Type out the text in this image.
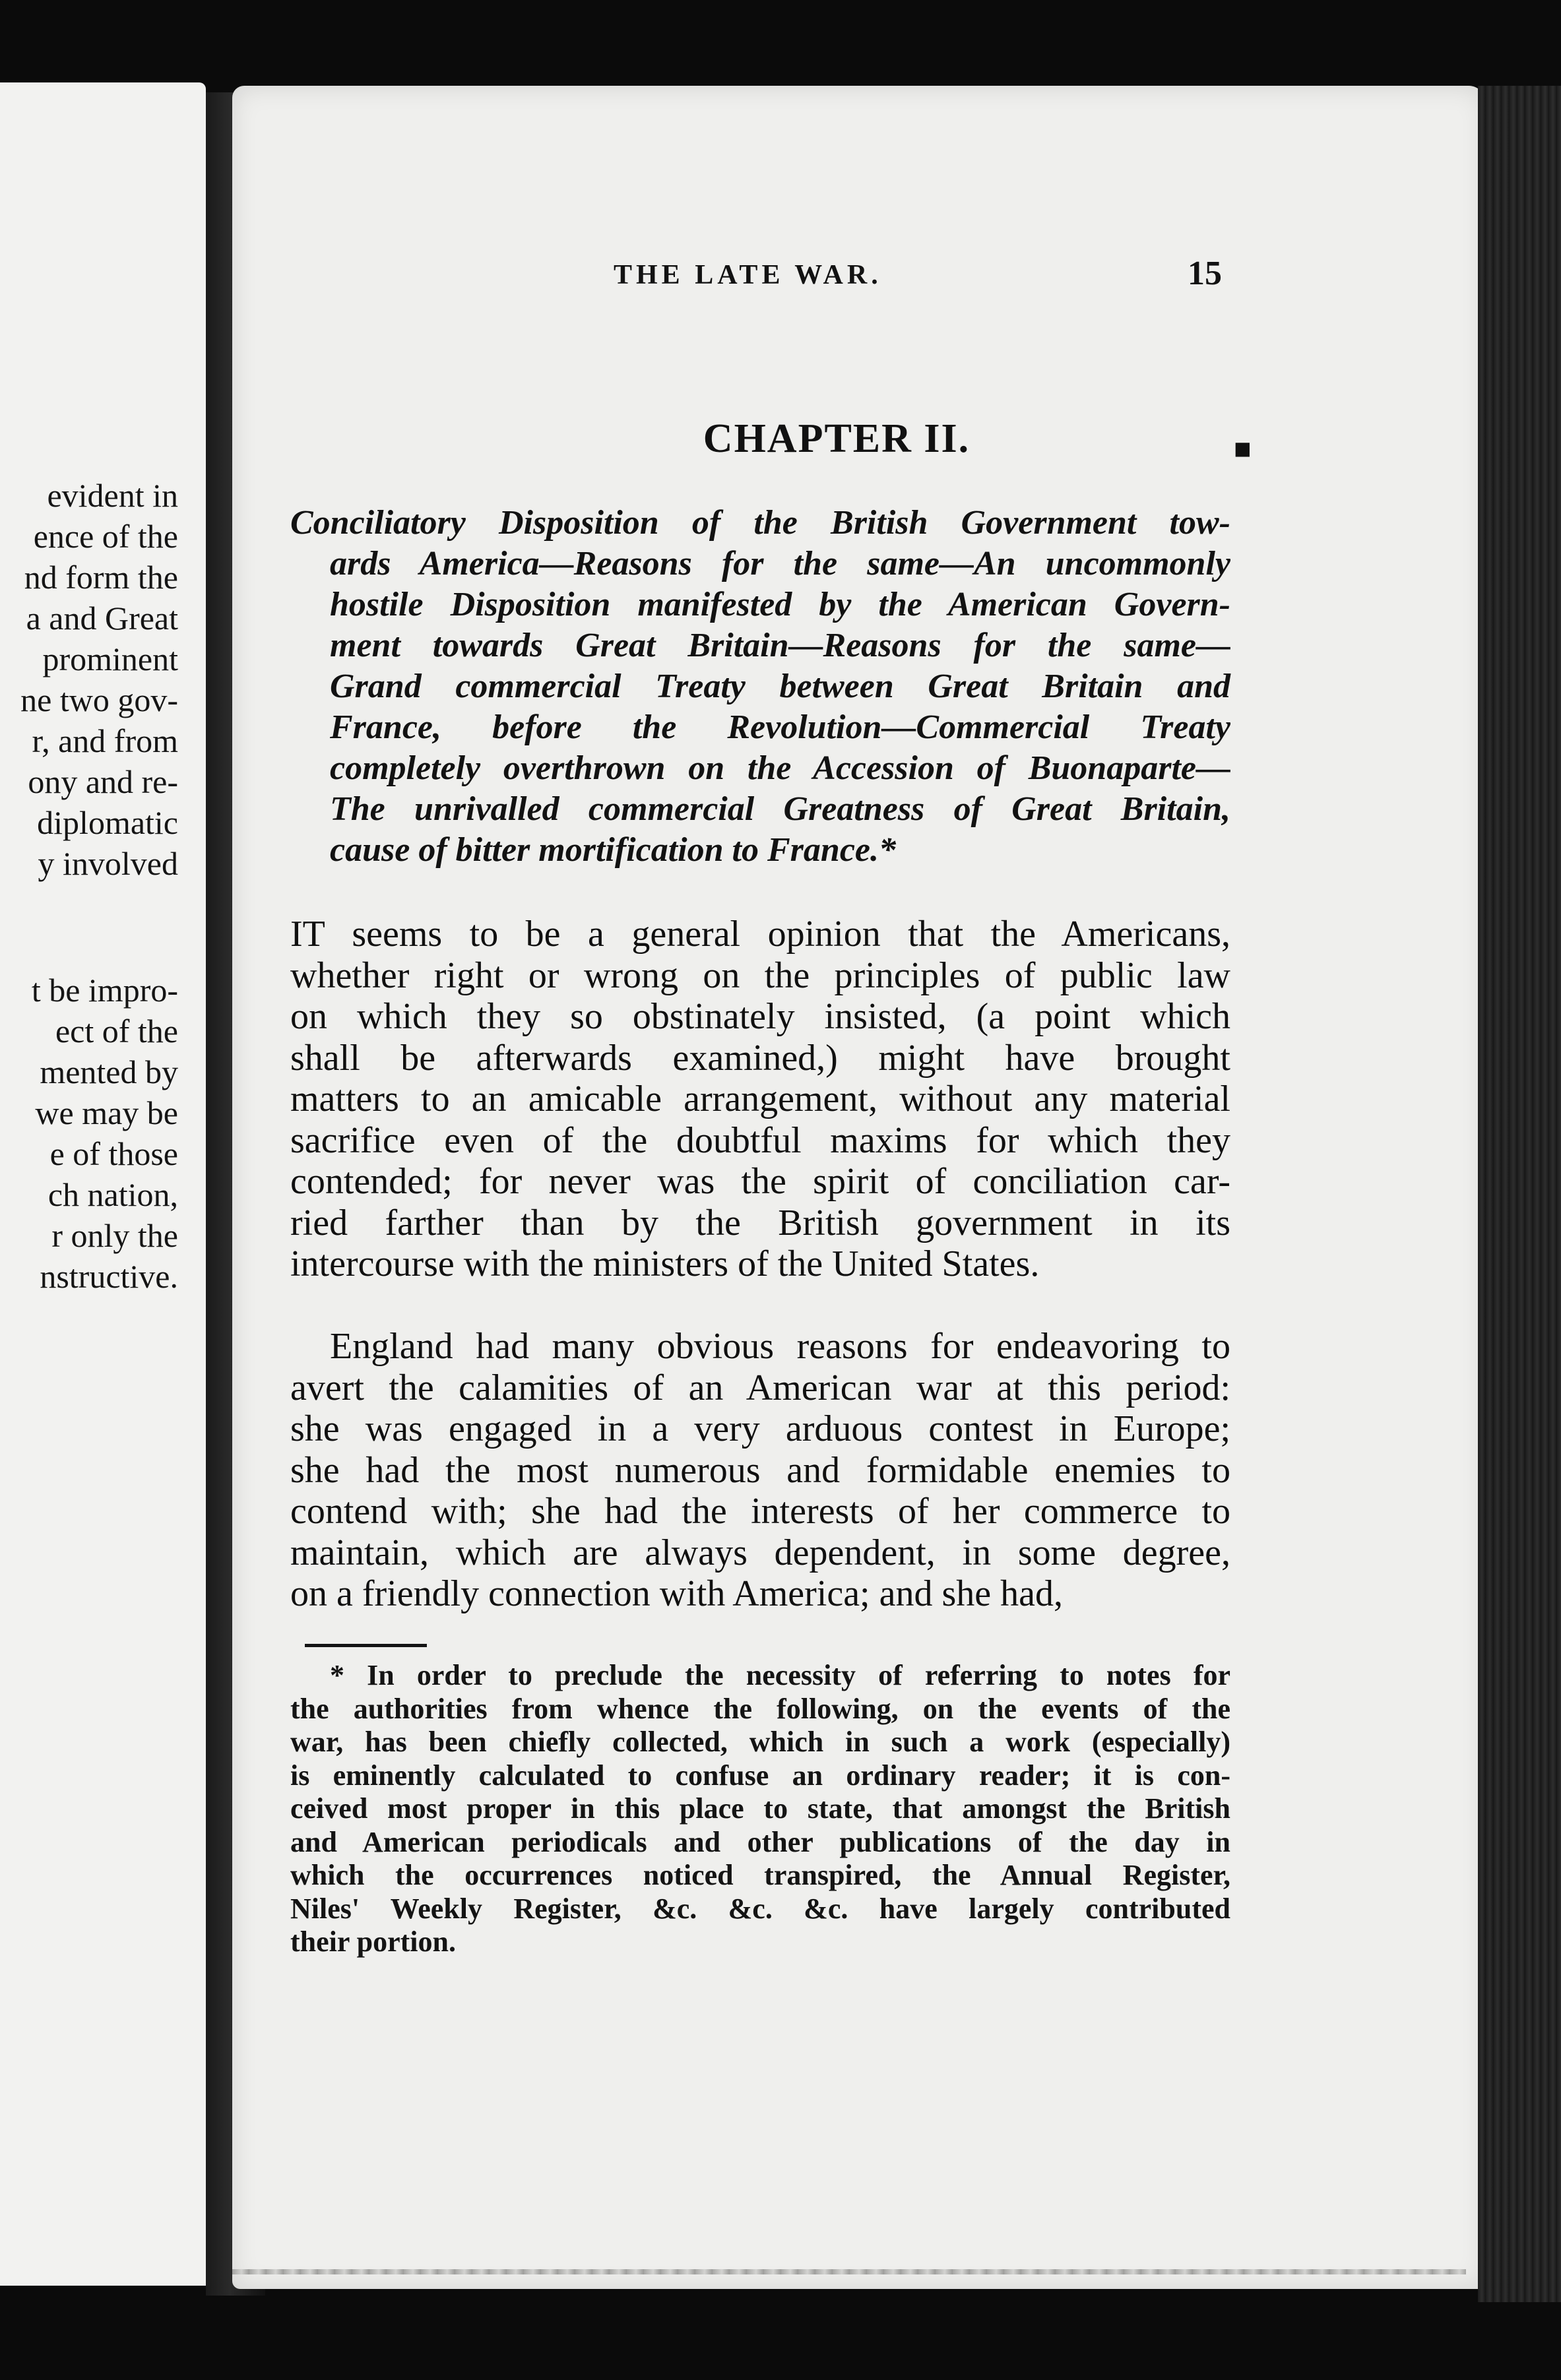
evident in
ence of the
nd form the
a and Great
prominent
ne two gov-
r, and from
ony and re-
diplomatic
y involved
t be impro-
ect of the
mented by
we may be
e of those
ch nation,
r only the
nstructive.
THE LATE WAR.	15
CHAPTER II.	■
Conciliatory Disposition of the British Government tow-
ards America—Reasons for the same—An uncommonly
hostile Disposition manifested by the American Govern-
ment towards Great Britain—Reasons for the same—
Grand commercial Treaty between Great Britain and
France, before the Revolution—Commercial Treaty
completely overthrown on the Accession of Buonaparte—
The unrivalled commercial Greatness of Great Britain,
cause of bitter mortification to France.*
IT seems to be a general opinion that the Americans,
whether right or wrong on the principles of public law
on which they so obstinately insisted, (a point which
shall be afterwards examined,) might have brought
matters to an amicable arrangement, without any material
sacrifice even of the doubtful maxims for which they
contended; for never was the spirit of conciliation car-
ried farther than by the British government in its
intercourse with the ministers of the United States.
England had many obvious reasons for endeavoring to
avert the calamities of an American war at this period:
she was engaged in a very arduous contest in Europe;
she had the most numerous and formidable enemies to
contend with; she had the interests of her commerce to
maintain, which are always dependent, in some degree,
on a friendly connection with America; and she had,
* In order to preclude the necessity of referring to notes for
the authorities from whence the following, on the events of the
war, has been chiefly collected, which in such a work (especially)
is eminently calculated to confuse an ordinary reader; it is con-
ceived most proper in this place to state, that amongst the British
and American periodicals and other publications of the day in
which the occurrences noticed transpired, the Annual Register,
Niles' Weekly Register, &c. &c. &c. have largely contributed
their portion.
